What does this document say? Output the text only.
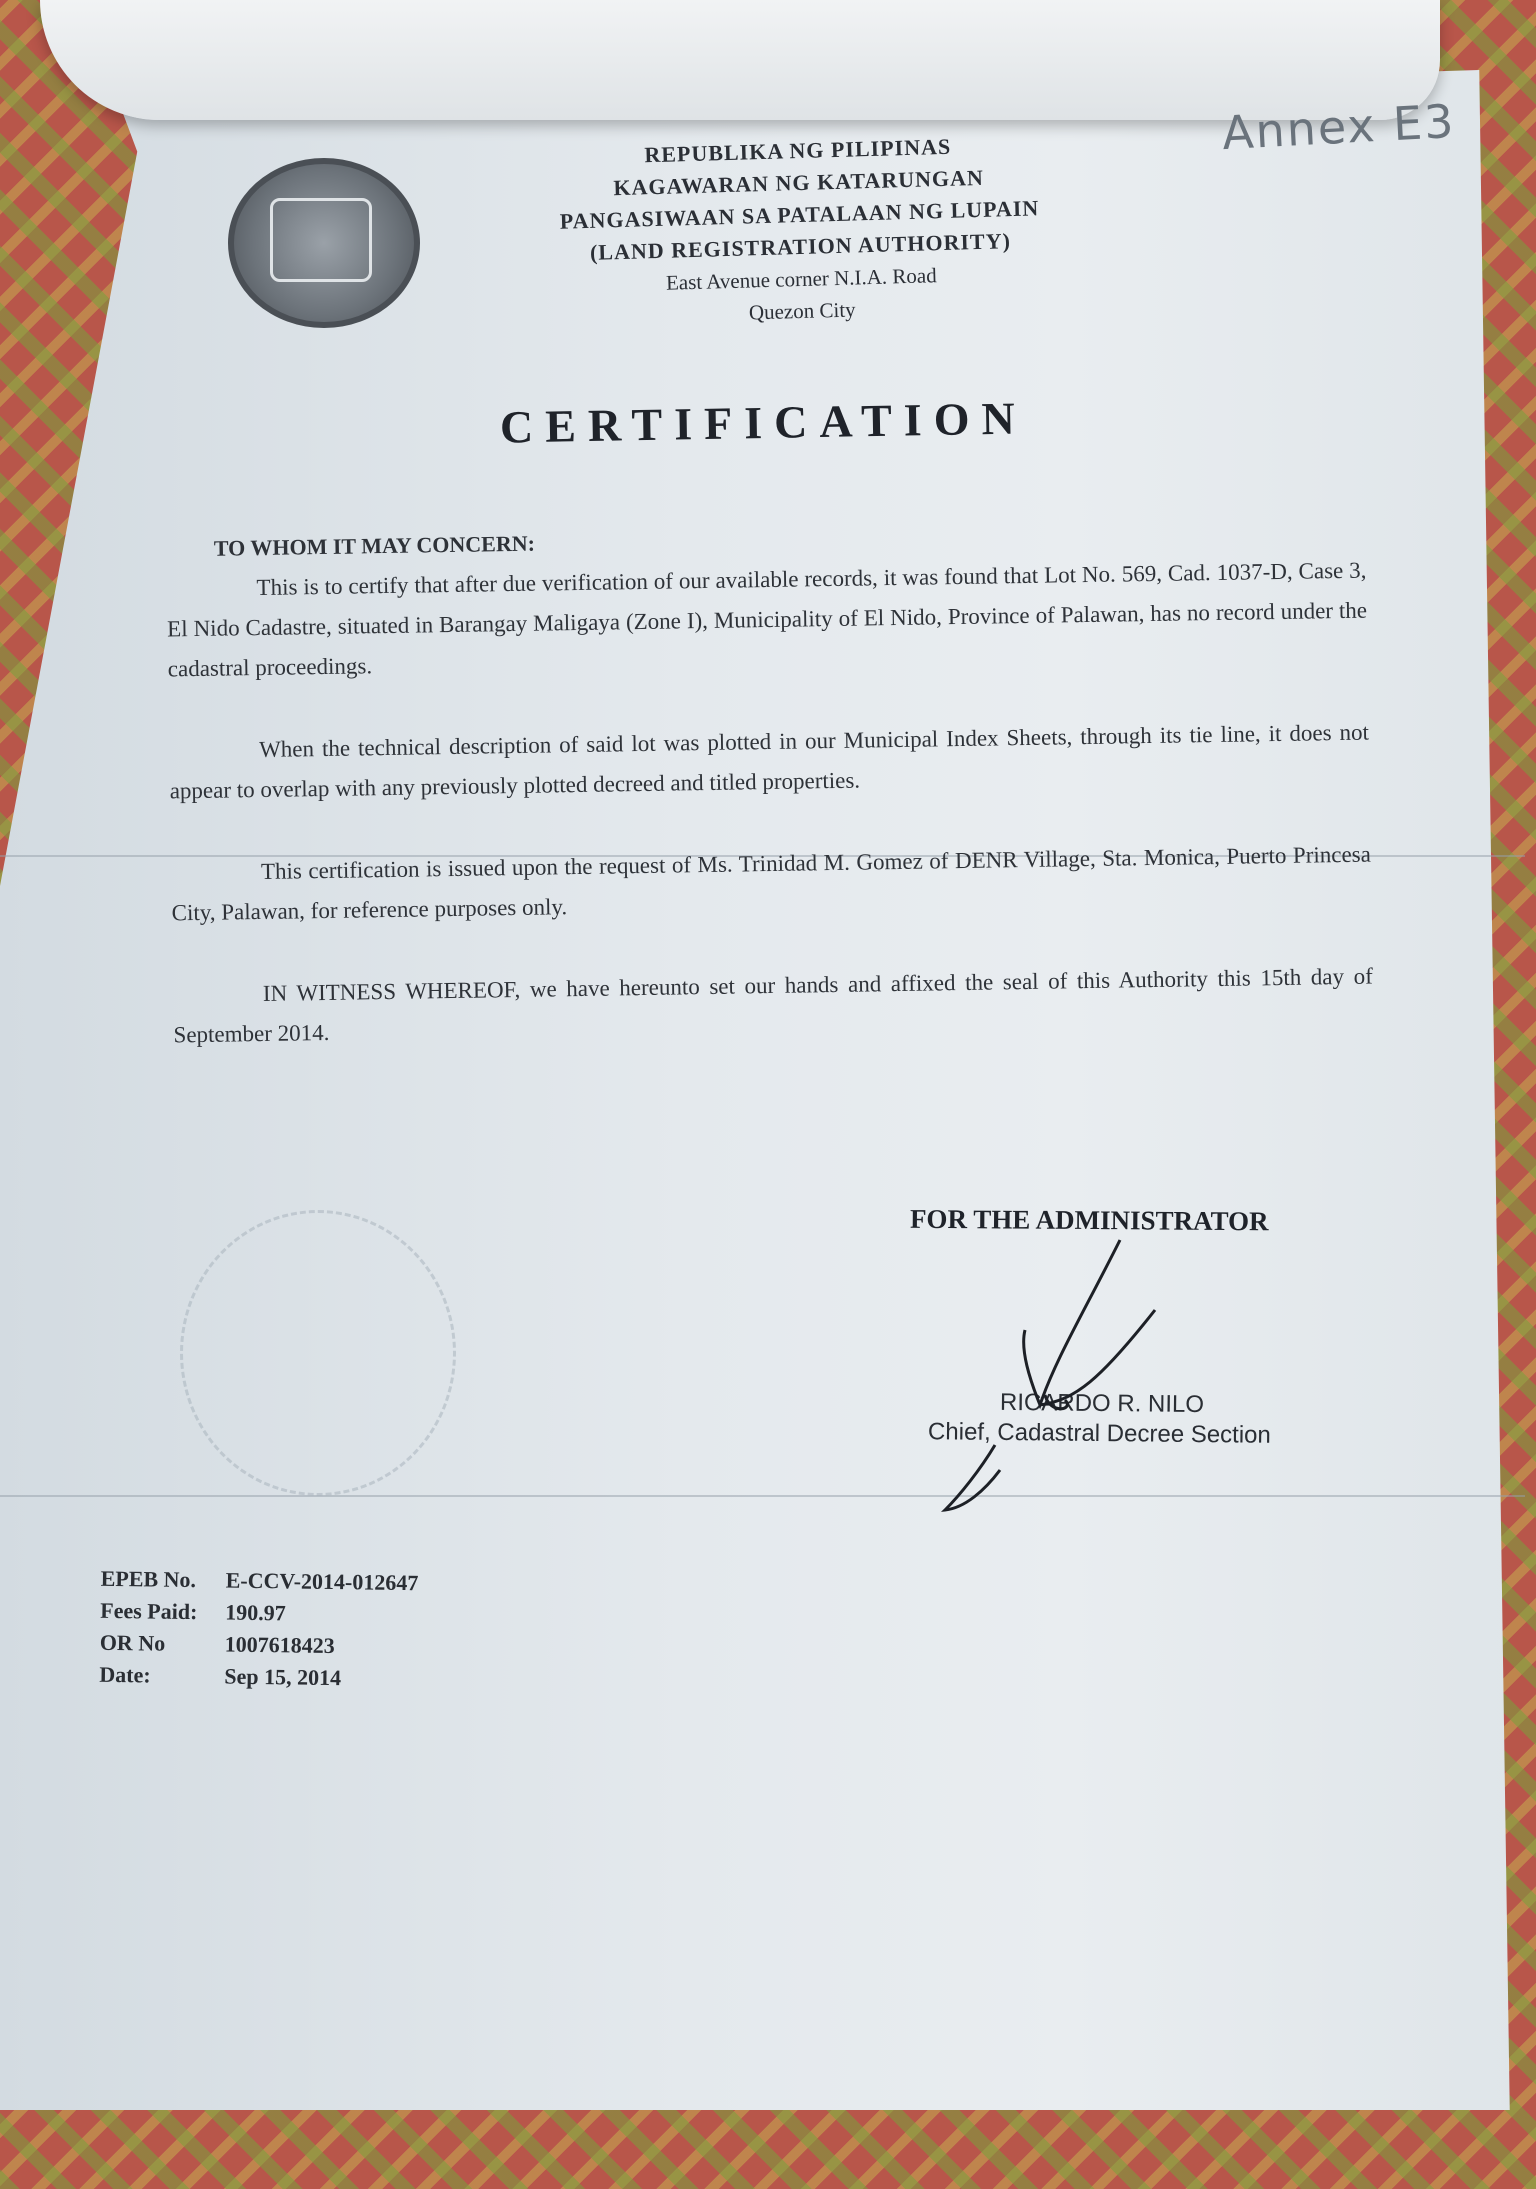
Annex E3
REPUBLIKA NG PILIPINAS
KAGAWARAN NG KATARUNGAN
PANGASIWAAN SA PATALAAN NG LUPAIN
(LAND REGISTRATION AUTHORITY)
East Avenue corner N.I.A. Road
Quezon City
CERTIFICATION
TO WHOM IT MAY CONCERN:

This is to certify that after due verification of our available records, it was found that Lot No. 569, Cad. 1037-D, Case 3, El Nido Cadastre, situated in Barangay Maligaya (Zone I), Municipality of El Nido, Province of Palawan, has no record under the cadastral proceedings.

When the technical description of said lot was plotted in our Municipal Index Sheets, through its tie line, it does not appear to overlap with any previously plotted decreed and titled properties.

This certification is issued upon the request of Ms. Trinidad M. Gomez of DENR Village, Sta. Monica, Puerto Princesa City, Palawan, for reference purposes only.

IN WITNESS WHEREOF, we have hereunto set our hands and affixed the seal of this Authority this 15th day of September 2014.

FOR THE ADMINISTRATOR
RICARDO R. NILO
Chief, Cadastral Decree Section
EPEB No.	E-CCV-2014-012647
Fees Paid:	190.97
OR No	1007618423
Date:	Sep 15, 2014
